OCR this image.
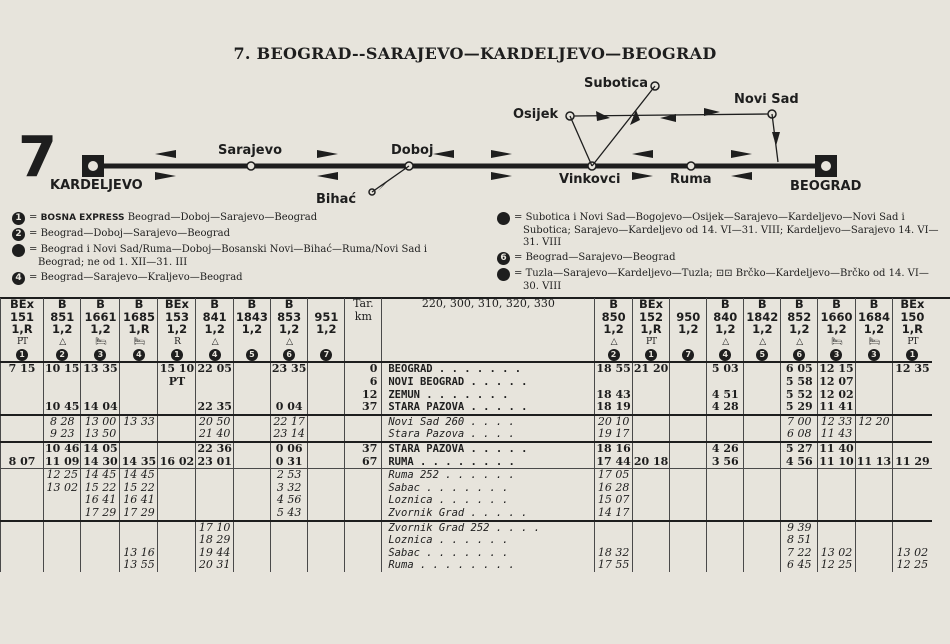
7. BEOGRAD--SARAJEVO—KARDELJEVO—BEOGRAD
7
KARDELJEVO
Sarajevo	Doboj
Bihać
Vinkovci	Ruma	BEOGRAD
Osijek
Subotica
Novi Sad
1 = BOSNA EXPRESS Beograd—Doboj—Sarajevo—Beograd
2 = Beograd—Doboj—Sarajevo—Beograd
3 = Beograd i Novi Sad/Ruma—Doboj—Bosanski Novi—Bihać—Ruma/Novi Sad i Beograd; ne od 1. XII—31. III
4 = Beograd—Sarajevo—Kraljevo—Beograd
5 = Subotica i Novi Sad—Bogojevo—Osijek—Sarajevo—Kardeljevo—Novi Sad i Subotica; Sarajevo—Kardeljevo od 14. VI—31. VIII; Kardeljevo—Sarajevo 14. VI—31. VIII
6 = Beograd—Sarajevo—Beograd
7 = Tuzla—Sarajevo—Kardeljevo—Tuzla; ⊡⊡ Brčko—Kardeljevo—Brčko od 14. VI—30. VIII
BEx	B	B	B	BEx	B	B	B		Tar.	220, 300, 310, 320, 330	B	BEx		B	B	B	B	B	BEx
151	851	1661	1685	153	841	1843	853	951	km		850	152	950	840	1842	852	1660	1684	150
1,R	1,2	1,2	1,R	1,2	1,2	1,2	1,2	1,2			1,2	1,R	1,2	1,2	1,2	1,2	1,2	1,2	1,R
PT	△	🛏	🛏	R	△		△				△	PT		△	△	△	🛏	🛏	PT
1	2	3	4	1	4	5	6	7			2	1	7	4	5	6	3	3	1
7 15	10 15	13 35		15 10	22 05		23 35		0	BEOGRAD . . . . . . .	18 55	21 20		5 03		6 05	12 15		12 35
				PT					6	NOVI BEOGRAD . . . . .						5 58	12 07		
									12	ZEMUN . . . . . . .	18 43			4 51		5 52	12 02		
	10 45	14 04			22 35		0 04		37	STARA PAZOVA . . . . .	18 19			4 28		5 29	11 41		
	8 28	13 00	13 33		20 50		22 17			Novi Sad 260 . . . .	20 10					7 00	12 33	12 20	
	9 23	13 50			21 40		23 14			Stara Pazova . . . .	19 17					6 08	11 43		
	10 46	14 05			22 36		0 06		37	STARA PAZOVA . . . . .	18 16			4 26		5 27	11 40		
8 07	11 09	14 30	14 35	16 02	23 01		0 31		67	RUMA . . . . . . . .	17 44	20 18		3 56		4 56	11 10	11 13	11 29
	12 25	14 45	14 45				2 53			Ruma 252 . . . . . .	17 05								
	13 02	15 22	15 22				3 32			Šabac . . . . . . .	16 28								
		16 41	16 41				4 56			Loznica . . . . . .	15 07								
		17 29	17 29				5 43			Zvornik Grad . . . . .	14 17								
					17 10					Zvornik Grad 252 . . . .						9 39			
					18 29					Loznica . . . . . .						8 51			
			13 16		19 44					Šabac . . . . . . .	18 32					7 22	13 02		13 02
			13 55		20 31					Ruma . . . . . . . .	17 55					6 45	12 25		12 25
